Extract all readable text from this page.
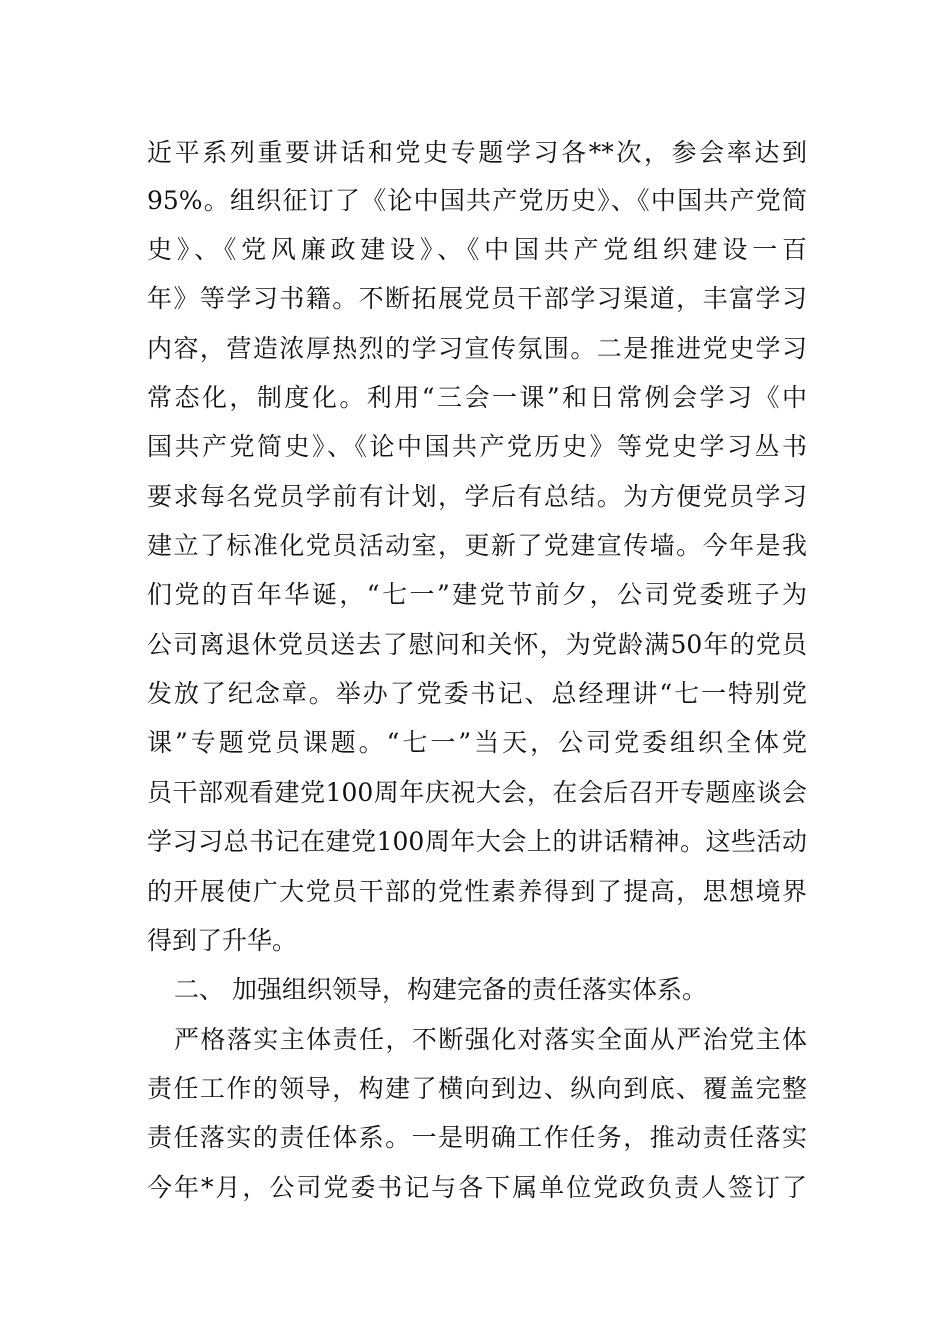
近平系列重要讲话和党史专题学习各**次，参会率达到
95%。组织征订了《论中国共产党历史》、《中国共产党简
史》、《党风廉政建设》、《中国共产党组织建设一百
年》等学习书籍。不断拓展党员干部学习渠道，丰富学习
内容，营造浓厚热烈的学习宣传氛围。二是推进党史学习
常态化，制度化。利用“三会一课”和日常例会学习《中
国共产党简史》、《论中国共产党历史》等党史学习丛书
要求每名党员学前有计划，学后有总结。为方便党员学习
建立了标准化党员活动室，更新了党建宣传墙。今年是我
们党的百年华诞，“七一”建党节前夕，公司党委班子为
公司离退休党员送去了慰问和关怀，为党龄满50年的党员
发放了纪念章。举办了党委书记、总经理讲“七一特别党
课”专题党员课题。“七一”当天，公司党委组织全体党
员干部观看建党100周年庆祝大会，在会后召开专题座谈会
学习习总书记在建党100周年大会上的讲话精神。这些活动
的开展使广大党员干部的党性素养得到了提高，思想境界
得到了升华。
二、 加强组织领导，构建完备的责任落实体系。
严格落实主体责任，不断强化对落实全面从严治党主体
责任工作的领导，构建了横向到边、纵向到底、覆盖完整
责任落实的责任体系。一是明确工作任务，推动责任落实
今年*月，公司党委书记与各下属单位党政负责人签订了
